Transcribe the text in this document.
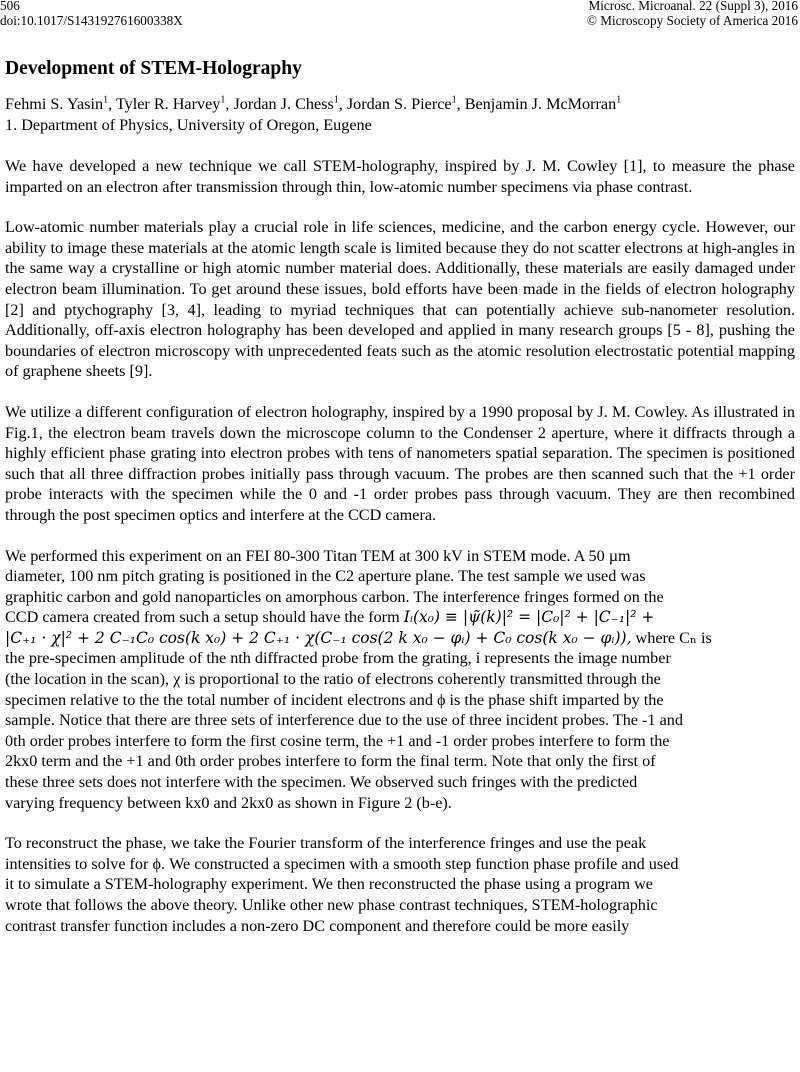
506
doi:10.1017/S143192761600338X
Microsc. Microanal. 22 (Suppl 3), 2016
© Microscopy Society of America 2016
Development of STEM-Holography

Fehmi S. Yasin$^1$, Tyler R. Harvey$^1$, Jordan J. Chess$^1$, Jordan S. Pierce$^1$, Benjamin J. McMorran$^1$

1. Department of Physics, University of Oregon, Eugene

We have developed a new technique we call STEM-holography, inspired by J. M. Cowley [1], to measure the phase imparted on an electron after transmission through thin, low-atomic number specimens via phase contrast.

Low-atomic number materials play a crucial role in life sciences, medicine, and the carbon energy cycle. However, our ability to image these materials at the atomic length scale is limited because they do not scatter electrons at high-angles in the same way a crystalline or high atomic number material does. Additionally, these materials are easily damaged under electron beam illumination. To get around these issues, bold efforts have been made in the fields of electron holography [2] and ptychography [3, 4], leading to myriad techniques that can potentially achieve sub-nanometer resolution. Additionally, off-axis electron holography has been developed and applied in many research groups [5 - 8], pushing the boundaries of electron microscopy with unprecedented feats such as the atomic resolution electrostatic potential mapping of graphene sheets [9].

We utilize a different configuration of electron holography, inspired by a 1990 proposal by J. M. Cowley. As illustrated in Fig.1, the electron beam travels down the microscope column to the Condenser 2 aperture, where it diffracts through a highly efficient phase grating into electron probes with tens of nanometers spatial separation. The specimen is positioned such that all three diffraction probes initially pass through vacuum. The probes are then scanned such that the +1 order probe interacts with the specimen while the 0 and -1 order probes pass through vacuum. They are then recombined through the post specimen optics and interfere at the CCD camera.

We performed this experiment on an FEI 80-300 Titan TEM at 300 kV in STEM mode. A 50 µm
diameter, 100 nm pitch grating is positioned in the C2 aperture plane. The test sample we used was
graphitic carbon and gold nanoparticles on amorphous carbon. The interference fringes formed on the
CCD camera created from such a setup should have the form Iᵢ(x₀) ≡ |ψ̃(k)|² = |C₀|² + |C₋₁|² +
|C₊₁ · χ|² + 2 C₋₁C₀ cos(k x₀) + 2 C₊₁ · χ(C₋₁ cos(2 k x₀ − φᵢ) + C₀ cos(k x₀ − φᵢ)), where Cₙ is
the pre-specimen amplitude of the nth diffracted probe from the grating, i represents the image number
(the location in the scan), χ is proportional to the ratio of electrons coherently transmitted through the
specimen relative to the the total number of incident electrons and ϕ is the phase shift imparted by the
sample. Notice that there are three sets of interference due to the use of three incident probes. The -1 and
0th order probes interfere to form the first cosine term, the +1 and -1 order probes interfere to form the
2kx0 term and the +1 and 0th order probes interfere to form the final term. Note that only the first of
these three sets does not interfere with the specimen. We observed such fringes with the predicted
varying frequency between kx0 and 2kx0 as shown in Figure 2 (b-e).
To reconstruct the phase, we take the Fourier transform of the interference fringes and use the peak
intensities to solve for ϕ. We constructed a specimen with a smooth step function phase profile and used
it to simulate a STEM-holography experiment. We then reconstructed the phase using a program we
wrote that follows the above theory. Unlike other new phase contrast techniques, STEM-holographic
contrast transfer function includes a non-zero DC component and therefore could be more easily
